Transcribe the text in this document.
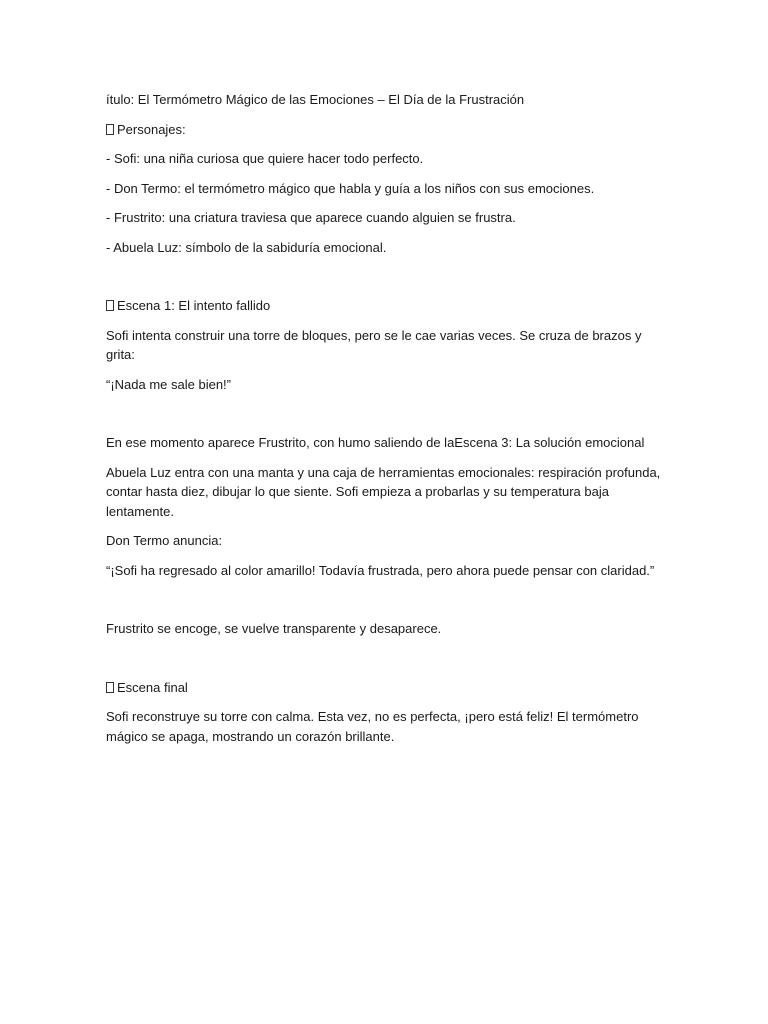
ítulo: El Termómetro Mágico de las Emociones – El Día de la Frustración

Personajes:

- Sofi: una niña curiosa que quiere hacer todo perfecto.

- Don Termo: el termómetro mágico que habla y guía a los niños con sus emociones.

- Frustrito: una criatura traviesa que aparece cuando alguien se frustra.

- Abuela Luz: símbolo de la sabiduría emocional.

Escena 1: El intento fallido

Sofi intenta construir una torre de bloques, pero se le cae varias veces. Se cruza de brazos y grita:

“¡Nada me sale bien!”

En ese momento aparece Frustrito, con humo saliendo de laEscena 3: La solución emocional

Abuela Luz entra con una manta y una caja de herramientas emocionales: respiración profunda, contar hasta diez, dibujar lo que siente. Sofi empieza a probarlas y su temperatura baja lentamente.

Don Termo anuncia:

“¡Sofi ha regresado al color amarillo! Todavía frustrada, pero ahora puede pensar con claridad.”

Frustrito se encoge, se vuelve transparente y desaparece.

Escena final

Sofi reconstruye su torre con calma. Esta vez, no es perfecta, ¡pero está feliz! El termómetro mágico se apaga, mostrando un corazón brillante.
